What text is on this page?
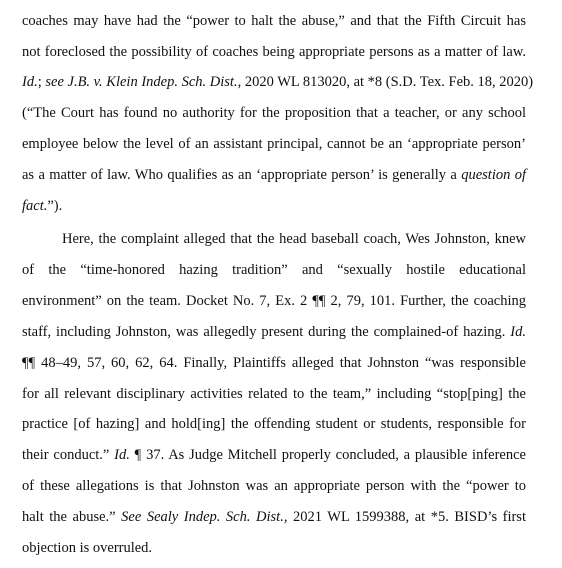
coaches may have had the “power to halt the abuse,” and that the Fifth Circuit has
not foreclosed the possibility of coaches being appropriate persons as a matter of law.
Id.; see J.B. v. Klein Indep. Sch. Dist., 2020 WL 813020, at *8 (S.D. Tex. Feb. 18, 2020)
(“The Court has found no authority for the proposition that a teacher, or any school
employee below the level of an assistant principal, cannot be an ‘appropriate person’
as a matter of law. Who qualifies as an ‘appropriate person’ is generally a question of
fact.”).
Here, the complaint alleged that the head baseball coach, Wes Johnston, knew
of the “time-honored hazing tradition” and “sexually hostile educational
environment” on the team. Docket No. 7, Ex. 2 ¶¶ 2, 79, 101. Further, the coaching
staff, including Johnston, was allegedly present during the complained-of hazing. Id.
¶¶ 48–49, 57, 60, 62, 64. Finally, Plaintiffs alleged that Johnston “was responsible
for all relevant disciplinary activities related to the team,” including “stop[ping] the
practice [of hazing] and hold[ing] the offending student or students, responsible for
their conduct.” Id. ¶ 37. As Judge Mitchell properly concluded, a plausible inference
of these allegations is that Johnston was an appropriate person with the “power to
halt the abuse.” See Sealy Indep. Sch. Dist., 2021 WL 1599388, at *5. BISD’s first
objection is overruled.
